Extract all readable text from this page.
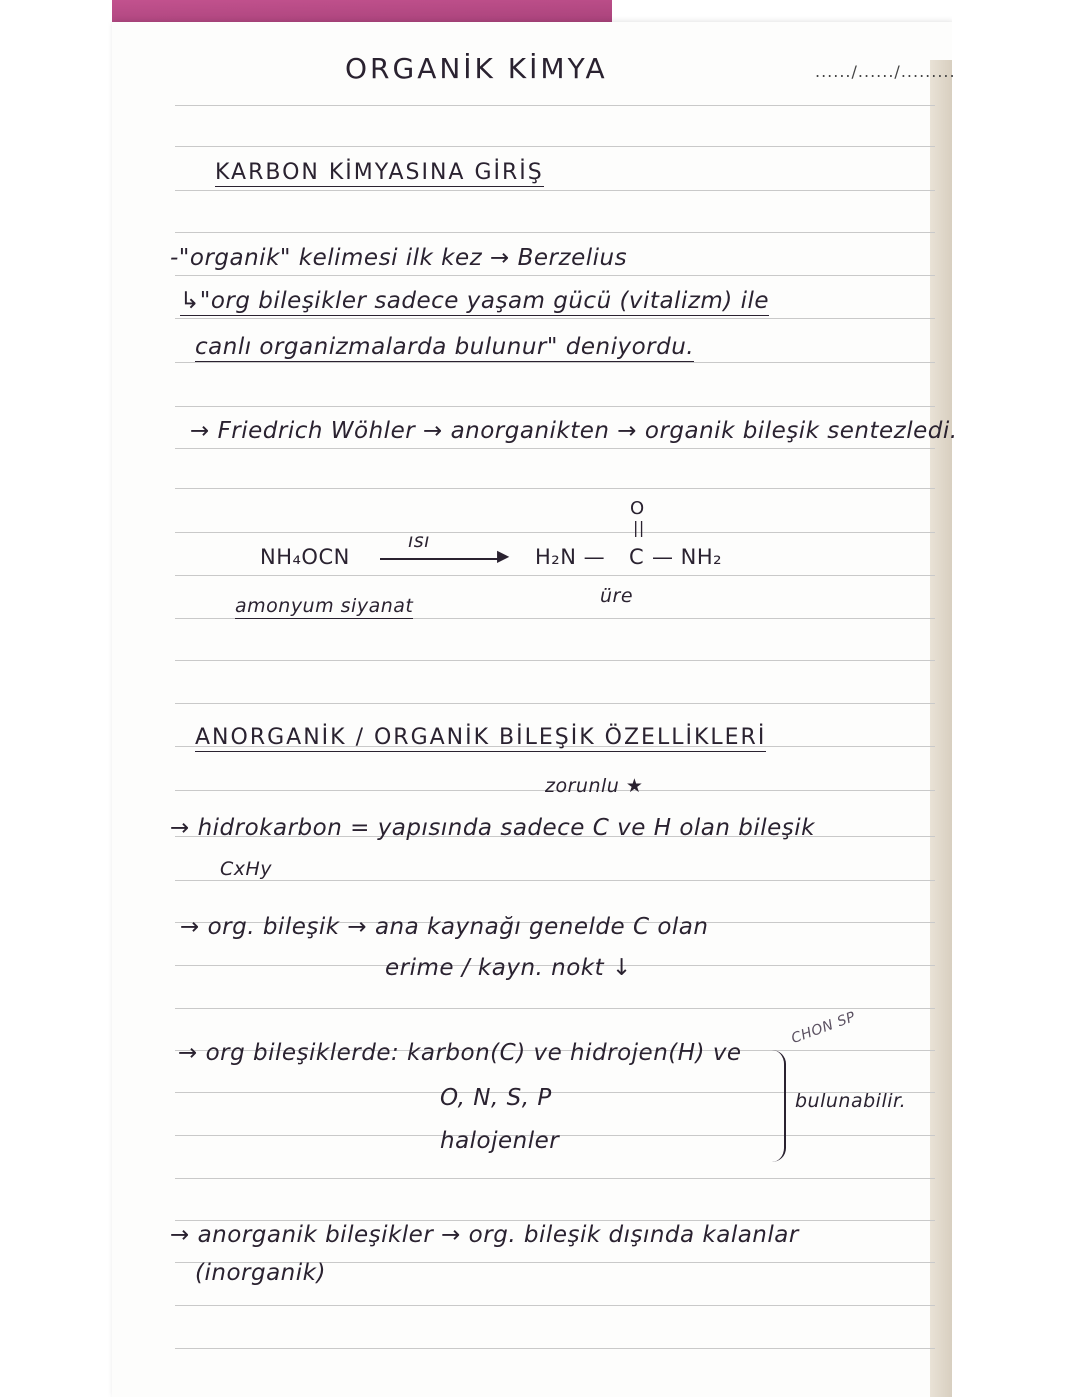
ORGANİK KİMYA	....../....../.........
KARBON KİMYASINA GİRİŞ
-"organik" kelimesi ilk kez → Berzelius
↳"org bileşikler sadece yaşam gücü (vitalizm) ile
canlı organizmalarda bulunur" deniyordu.
→ Friedrich Wöhler → anorganikten → organik bileşik sentezledi.
NH₄OCN
ısı
▶ H₂N —
O
||
C — NH₂
amonyum siyanat	üre
ANORGANİK / ORGANİK BİLEŞİK ÖZELLİKLERİ
zorunlu ★
→ hidrokarbon = yapısında sadece C ve H olan bileşik
CxHy
→ org. bileşik → ana kaynağı genelde C olan
erime / kayn. nokt ↓
→ org bileşiklerde: karbon(C) ve hidrojen(H) ve
O, N, S, P
halojenler
bulunabilir.
CHON SP
→ anorganik bileşikler → org. bileşik dışında kalanlar
(inorganik)
